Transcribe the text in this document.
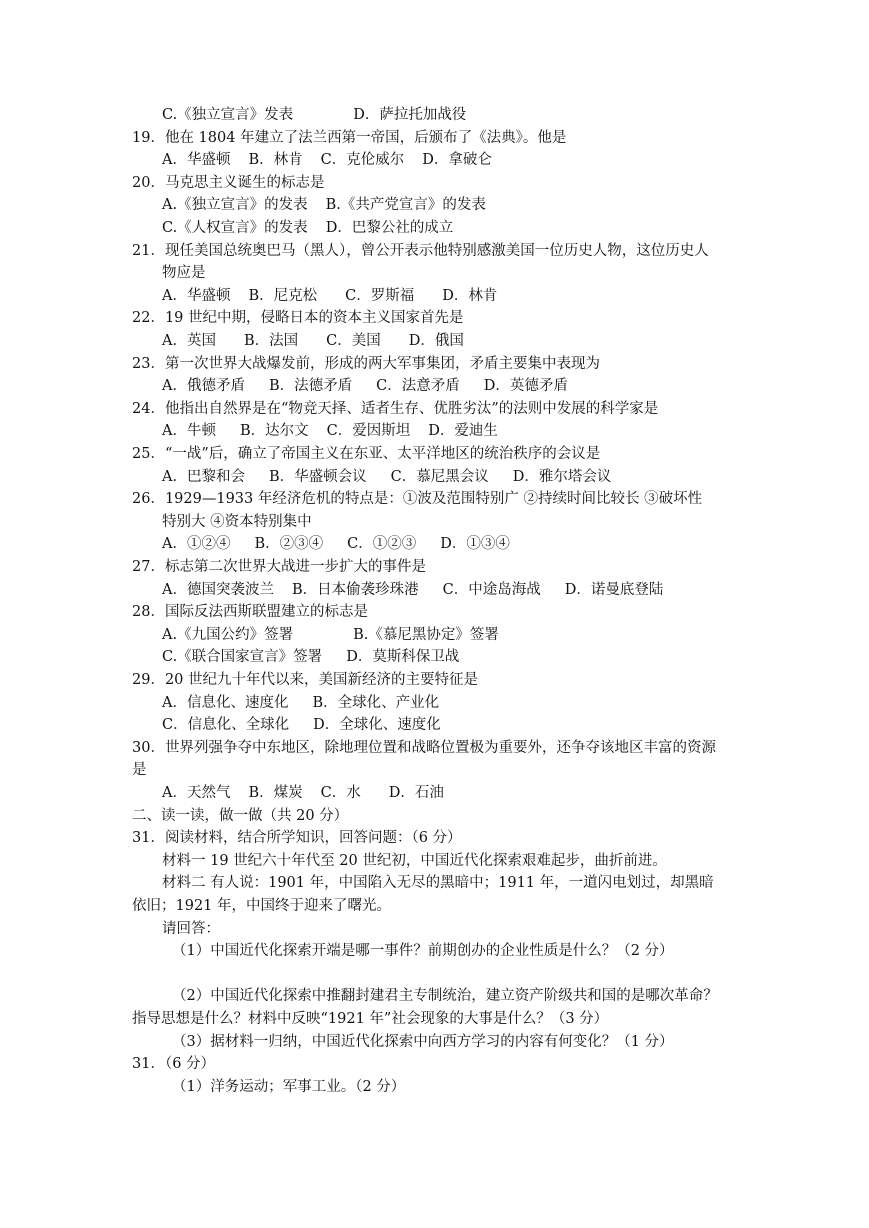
C.《独立宣言》发表	D．萨拉托加战役
19．他在 1804 年建立了法兰西第一帝国，后颁布了《法典》。他是
A．华盛顿 B．林肯 C．克伦威尔 D．拿破仑
20．马克思主义诞生的标志是
A.《独立宣言》的发表 B.《共产党宣言》的发表
C.《人权宣言》的发表 D．巴黎公社的成立
21．现任美国总统奥巴马（黑人），曾公开表示他特别感激美国一位历史人物，这位历史人
物应是
A．华盛顿 B．尼克松 C．罗斯福 D．林肯
22．19 世纪中期，侵略日本的资本主义国家首先是
A．英国 B．法国 C．美国 D．俄国
23．第一次世界大战爆发前，形成的两大军事集团，矛盾主要集中表现为
A．俄德矛盾 B．法德矛盾 C．法意矛盾 D．英德矛盾
24．他指出自然界是在“物竞天择、适者生存、优胜劣汰”的法则中发展的科学家是
A．牛顿 B．达尔文 C．爱因斯坦 D．爱迪生
25．“一战”后，确立了帝国主义在东亚、太平洋地区的统治秩序的会议是
A．巴黎和会 B．华盛顿会议 C．慕尼黑会议 D．雅尔塔会议
26．1929—1933 年经济危机的特点是：①波及范围特别广 ②持续时间比较长 ③破坏性
特别大 ④资本特别集中
A．①②④ B．②③④ C．①②③ D．①③④
27．标志第二次世界大战进一步扩大的事件是
A．德国突袭波兰 B．日本偷袭珍珠港 C．中途岛海战 D．诺曼底登陆
28．国际反法西斯联盟建立的标志是
A.《九国公约》签署	B.《慕尼黑协定》签署
C.《联合国家宣言》签署 D．莫斯科保卫战
29．20 世纪九十年代以来，美国新经济的主要特征是
A．信息化、速度化 B．全球化、产业化
C．信息化、全球化 D．全球化、速度化
30．世界列强争夺中东地区，除地理位置和战略位置极为重要外，还争夺该地区丰富的资源
是
A．天然气 B．煤炭 C．水 D．石油
二、读一读，做一做（共 20 分）
31．阅读材料，结合所学知识，回答问题：（6 分）
材料一 19 世纪六十年代至 20 世纪初，中国近代化探索艰难起步，曲折前进。
材料二 有人说：1901 年，中国陷入无尽的黑暗中；1911 年，一道闪电划过，却黑暗
依旧；1921 年，中国终于迎来了曙光。
请回答：
（1）中国近代化探索开端是哪一事件？前期创办的企业性质是什么？（2 分）
（2）中国近代化探索中推翻封建君主专制统治，建立资产阶级共和国的是哪次革命？
指导思想是什么？材料中反映“1921 年”社会现象的大事是什么？（3 分）
（3）据材料一归纳，中国近代化探索中向西方学习的内容有何变化？（1 分）
31．（6 分）
（1）洋务运动；军事工业。（2 分）
